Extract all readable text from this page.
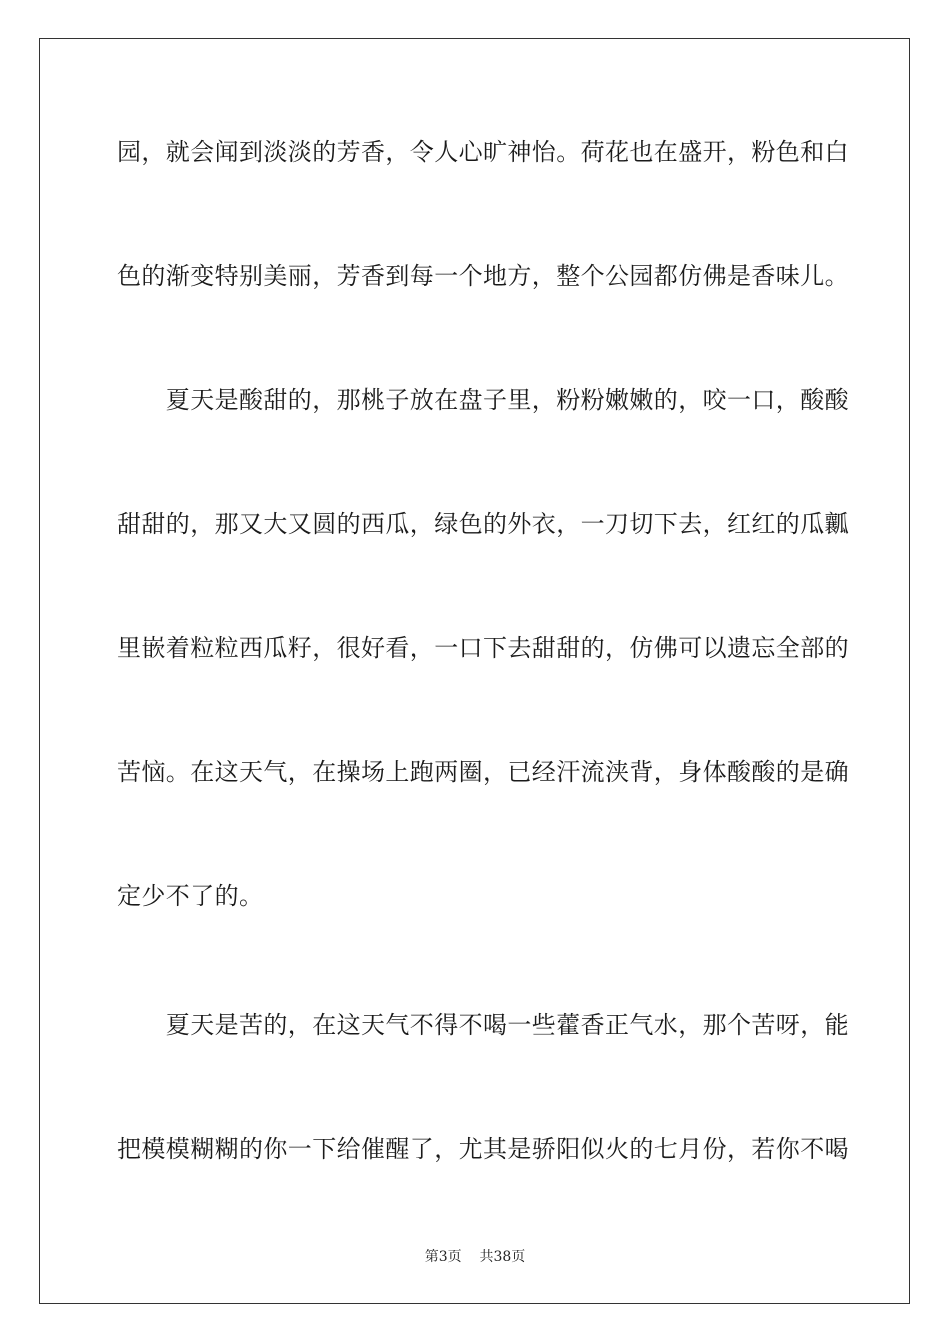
园，就会闻到淡淡的芳香，令人心旷神怡。荷花也在盛开，粉色和白
色的渐变特别美丽，芳香到每一个地方，整个公园都仿佛是香味儿。
　　夏天是酸甜的，那桃子放在盘子里，粉粉嫩嫩的，咬一口，酸酸
甜甜的，那又大又圆的西瓜，绿色的外衣，一刀切下去，红红的瓜瓤
里嵌着粒粒西瓜籽，很好看，一口下去甜甜的，仿佛可以遗忘全部的
苦恼。在这天气，在操场上跑两圈，已经汗流浃背，身体酸酸的是确
定少不了的。
　　夏天是苦的，在这天气不得不喝一些藿香正气水，那个苦呀，能
把模模糊糊的你一下给催醒了，尤其是骄阳似火的七月份，若你不喝
第3页 共38页
